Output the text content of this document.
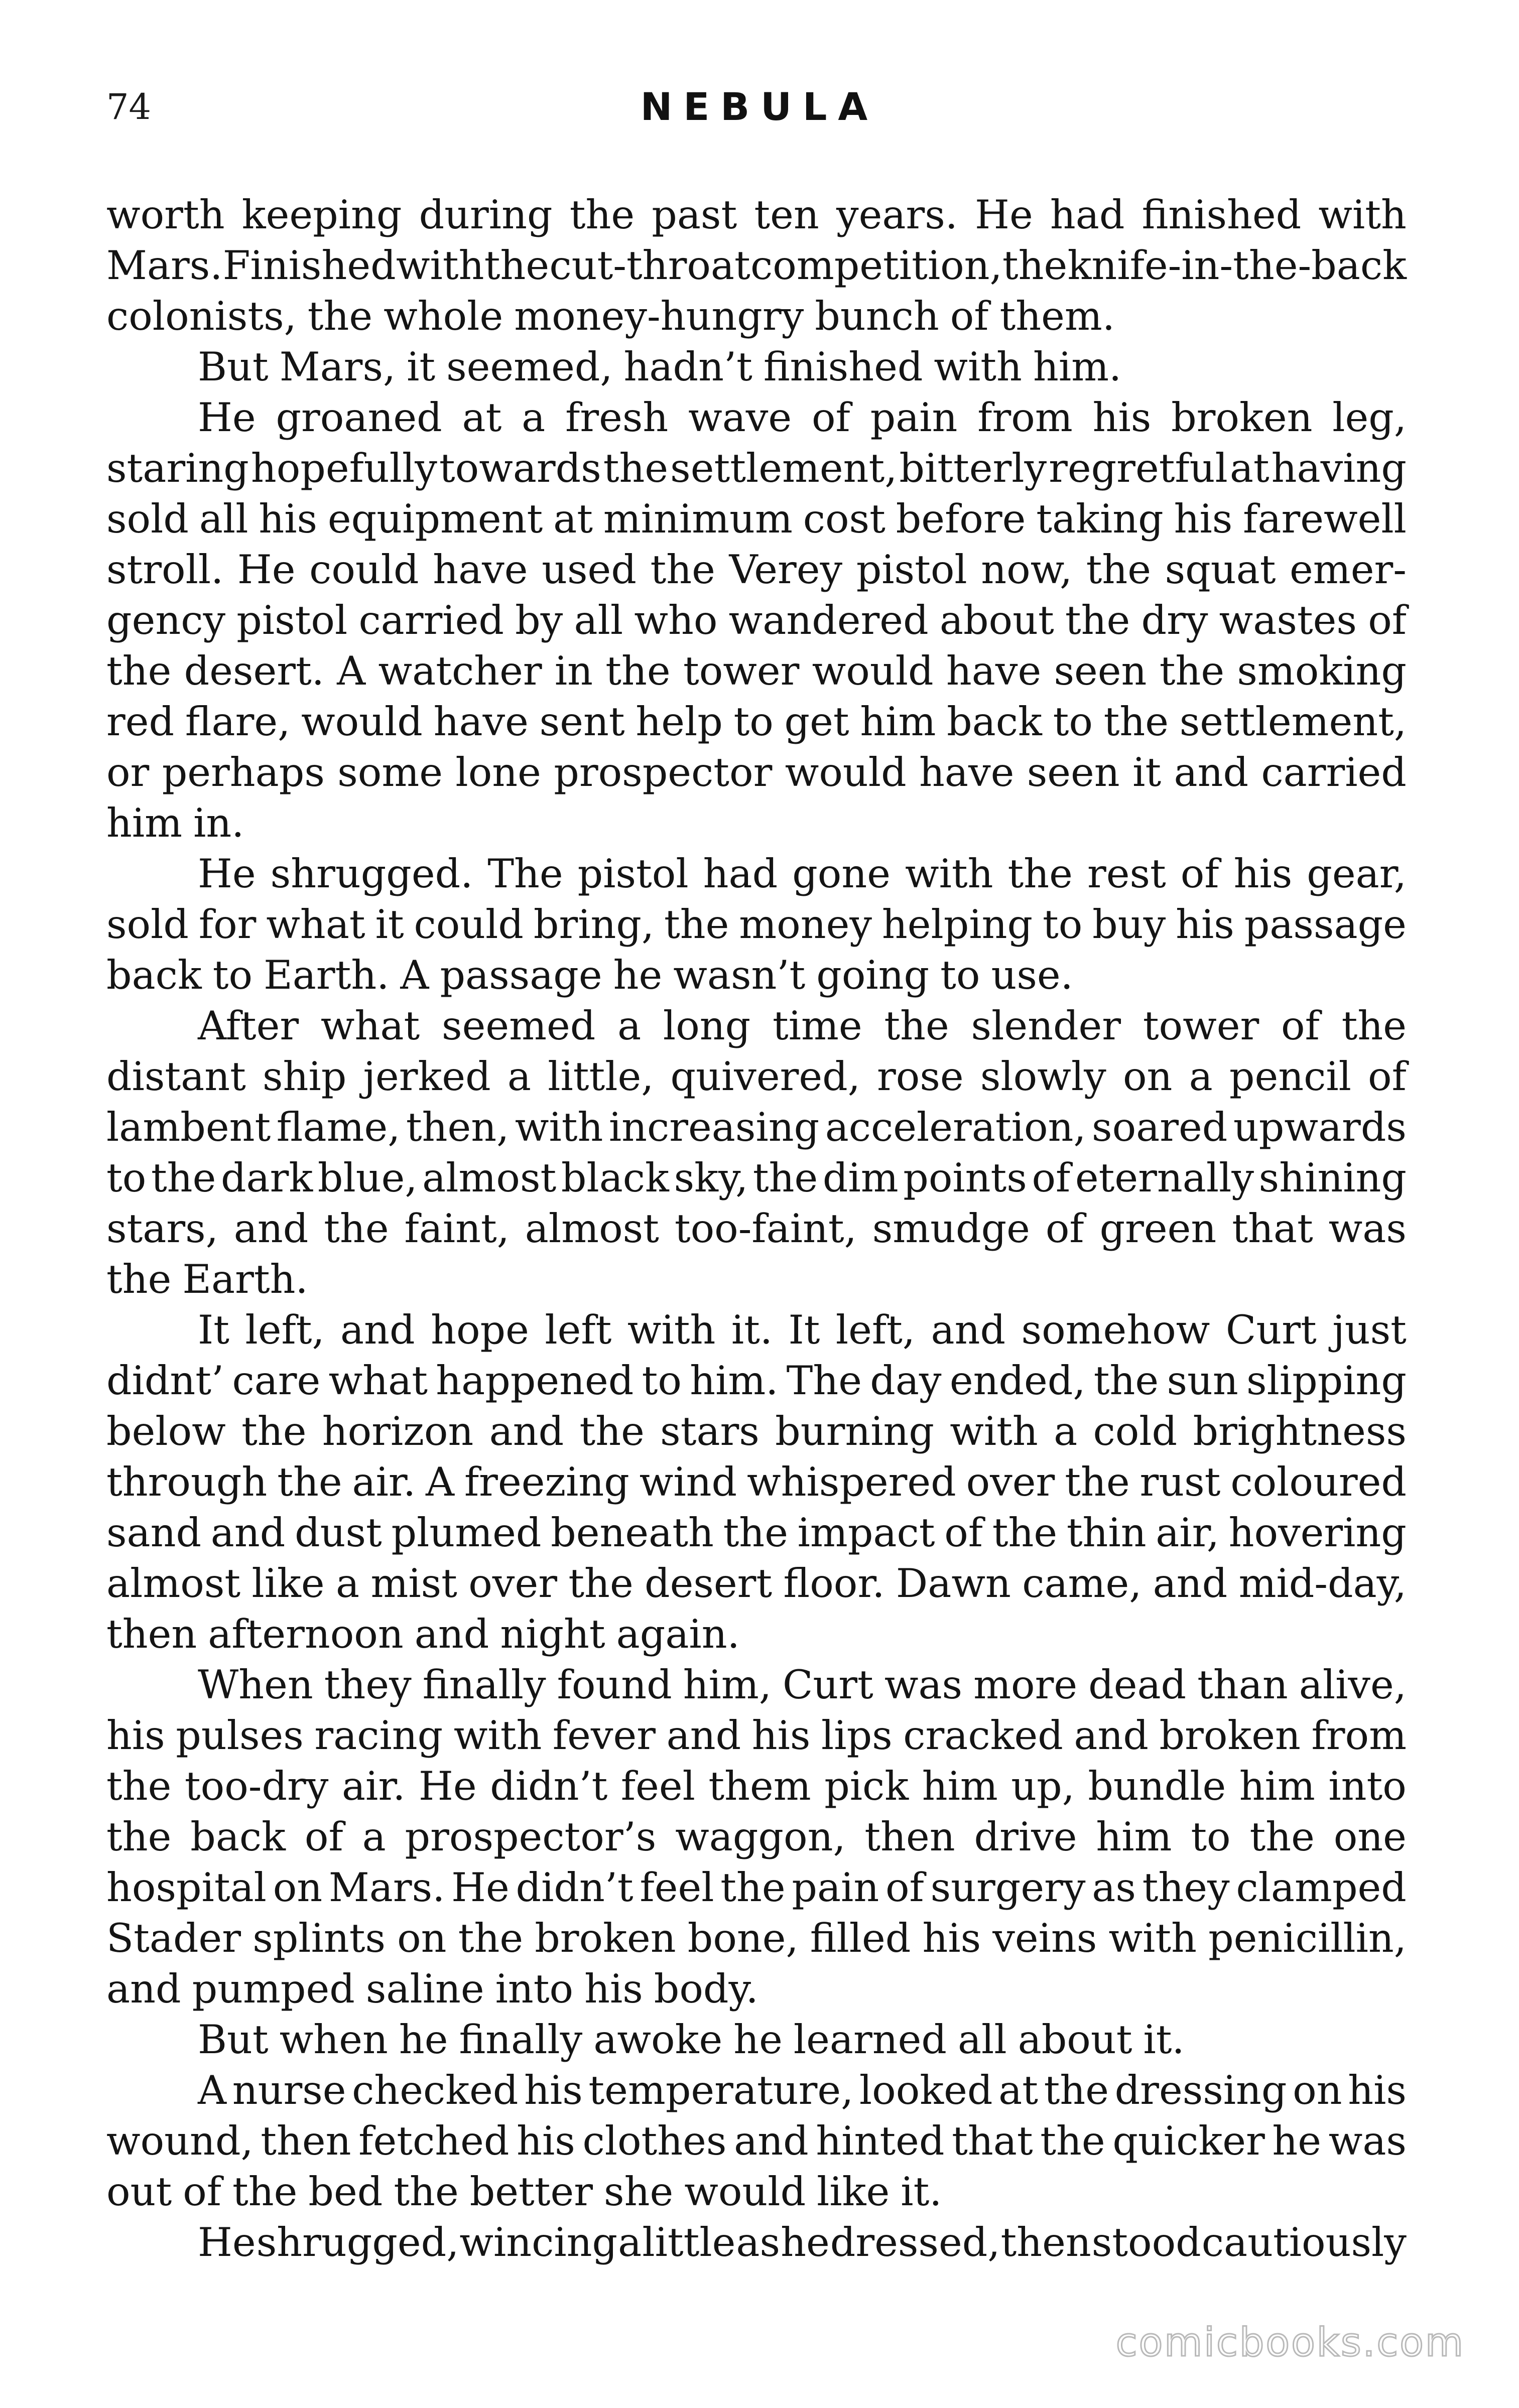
74	NEBULA
worth keeping during the past ten years. He had finished with
Mars. Finished with the cut-throat competition, the knife-in-the-back
colonists, the whole money-hungry bunch of them.
But Mars, it seemed, hadn’t finished with him.
He groaned at a fresh wave of pain from his broken leg,
staring hopefully towards the settlement, bitterly regretful at having
sold all his equipment at minimum cost before taking his farewell
stroll. He could have used the Verey pistol now, the squat emer-
gency pistol carried by all who wandered about the dry wastes of
the desert. A watcher in the tower would have seen the smoking
red flare, would have sent help to get him back to the settlement,
or perhaps some lone prospector would have seen it and carried
him in.
He shrugged. The pistol had gone with the rest of his gear,
sold for what it could bring, the money helping to buy his passage
back to Earth. A passage he wasn’t going to use.
After what seemed a long time the slender tower of the
distant ship jerked a little, quivered, rose slowly on a pencil of
lambent flame, then, with increasing acceleration, soared upwards
to the dark blue, almost black sky, the dim points of eternally shining
stars, and the faint, almost too-faint, smudge of green that was
the Earth.
It left, and hope left with it. It left, and somehow Curt just
didnt’ care what happened to him. The day ended, the sun slipping
below the horizon and the stars burning with a cold brightness
through the air. A freezing wind whispered over the rust coloured
sand and dust plumed beneath the impact of the thin air, hovering
almost like a mist over the desert floor. Dawn came, and mid-day,
then afternoon and night again.
When they finally found him, Curt was more dead than alive,
his pulses racing with fever and his lips cracked and broken from
the too-dry air. He didn’t feel them pick him up, bundle him into
the back of a prospector’s waggon, then drive him to the one
hospital on Mars. He didn’t feel the pain of surgery as they clamped
Stader splints on the broken bone, filled his veins with penicillin,
and pumped saline into his body.
But when he finally awoke he learned all about it.
A nurse checked his temperature, looked at the dressing on his
wound, then fetched his clothes and hinted that the quicker he was
out of the bed the better she would like it.
He shrugged, wincing a little as he dressed, then stood cautiously
comicbooks.com
